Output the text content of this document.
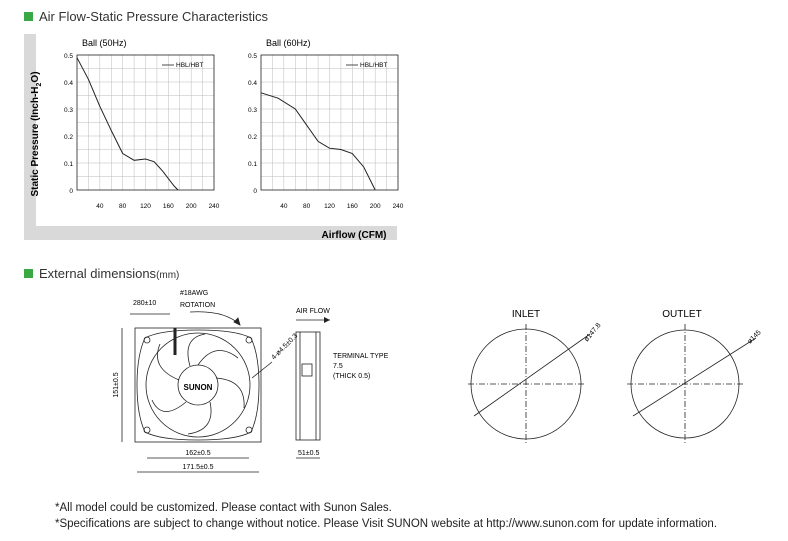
Air Flow-Static Pressure Characteristics
Static Pressure $(Inch-H_2O)$
Airflow (CFM)
Ball (50Hz)
0
0.1
0.2
0.3
0.4
0.5
40 80 120 160 200 240
HBL/HBT
Ball (60Hz)
0
0.1
0.2
0.3
0.4
0.5
40 80 120 160 200 240
HBL/HBT
External dimensions(mm)
SUNON
#18AWG
280±10	ROTATION
4-ø4.5±0.3
151±0.5
162±0.5
171.5±0.5
AIR FLOW
TERMINAL TYPE
7.5
(THICK 0.5)
51±0.5
INLET
ø147.8
OUTLET
ø145
*All model could be customized. Please contact with Sunon Sales.
*Specifications are subject to change without notice. Please Visit SUNON website at http://www.sunon.com for update information.
